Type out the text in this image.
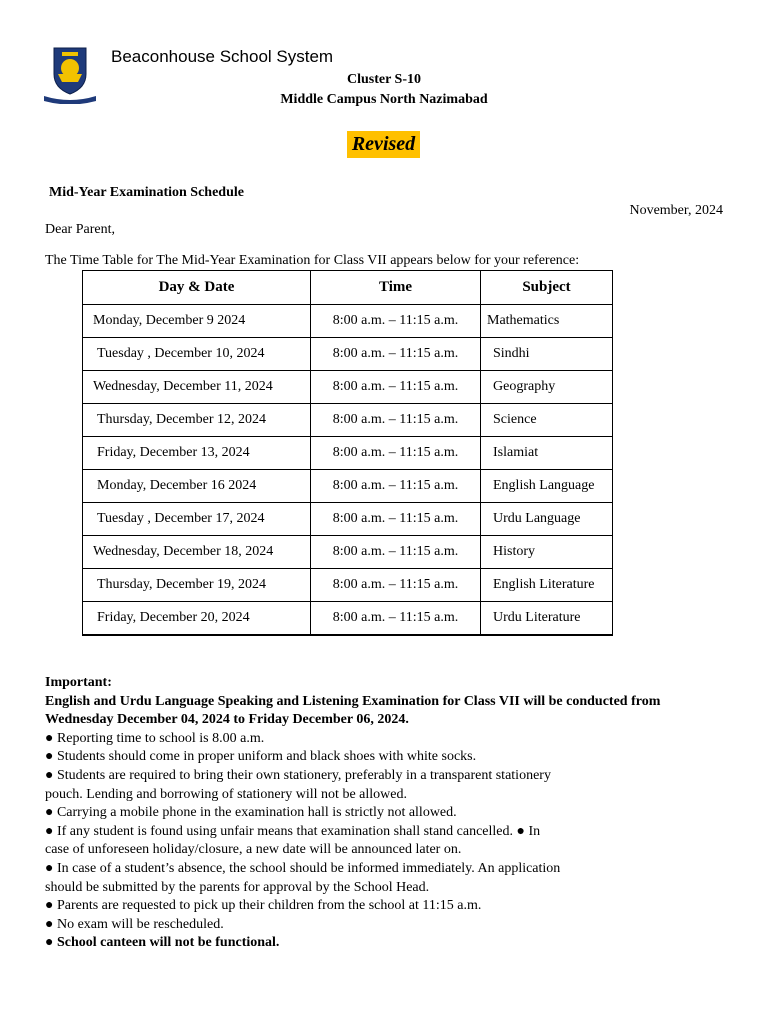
Beaconhouse School System
Cluster S-10
Middle Campus North Nazimabad
Revised
Mid-Year Examination Schedule
November, 2024
Dear Parent,
The Time Table for The Mid-Year Examination for Class VII appears below for your reference:
Day & Date	Time	Subject
Monday, December 9 2024	8:00 a.m. – 11:15 a.m.	Mathematics
Tuesday , December 10, 2024	8:00 a.m. – 11:15 a.m.	Sindhi
Wednesday, December 11, 2024	8:00 a.m. – 11:15 a.m.	Geography
Thursday, December 12, 2024	8:00 a.m. – 11:15 a.m.	Science
Friday, December 13, 2024	8:00 a.m. – 11:15 a.m.	Islamiat
Monday, December 16 2024	8:00 a.m. – 11:15 a.m.	English Language
Tuesday , December 17, 2024	8:00 a.m. – 11:15 a.m.	Urdu Language
Wednesday, December 18, 2024	8:00 a.m. – 11:15 a.m.	History
Thursday, December 19, 2024	8:00 a.m. – 11:15 a.m.	English Literature
Friday, December 20, 2024	8:00 a.m. – 11:15 a.m.	Urdu Literature

Important:

English and Urdu Language Speaking and Listening Examination for Class VII will be conducted from

Wednesday December 04, 2024 to Friday December 06, 2024.

● Reporting time to school is 8.00 a.m.

● Students should come in proper uniform and black shoes with white socks.

● Students are required to bring their own stationery, preferably in a transparent stationery

pouch. Lending and borrowing of stationery will not be allowed.

● Carrying a mobile phone in the examination hall is strictly not allowed.

● If any student is found using unfair means that examination shall stand cancelled. ● In

case of unforeseen holiday/closure, a new date will be announced later on.

● In case of a student’s absence, the school should be informed immediately. An application

should be submitted by the parents for approval by the School Head.

● Parents are requested to pick up their children from the school at 11:15 a.m.

● No exam will be rescheduled.

● School canteen will not be functional.
